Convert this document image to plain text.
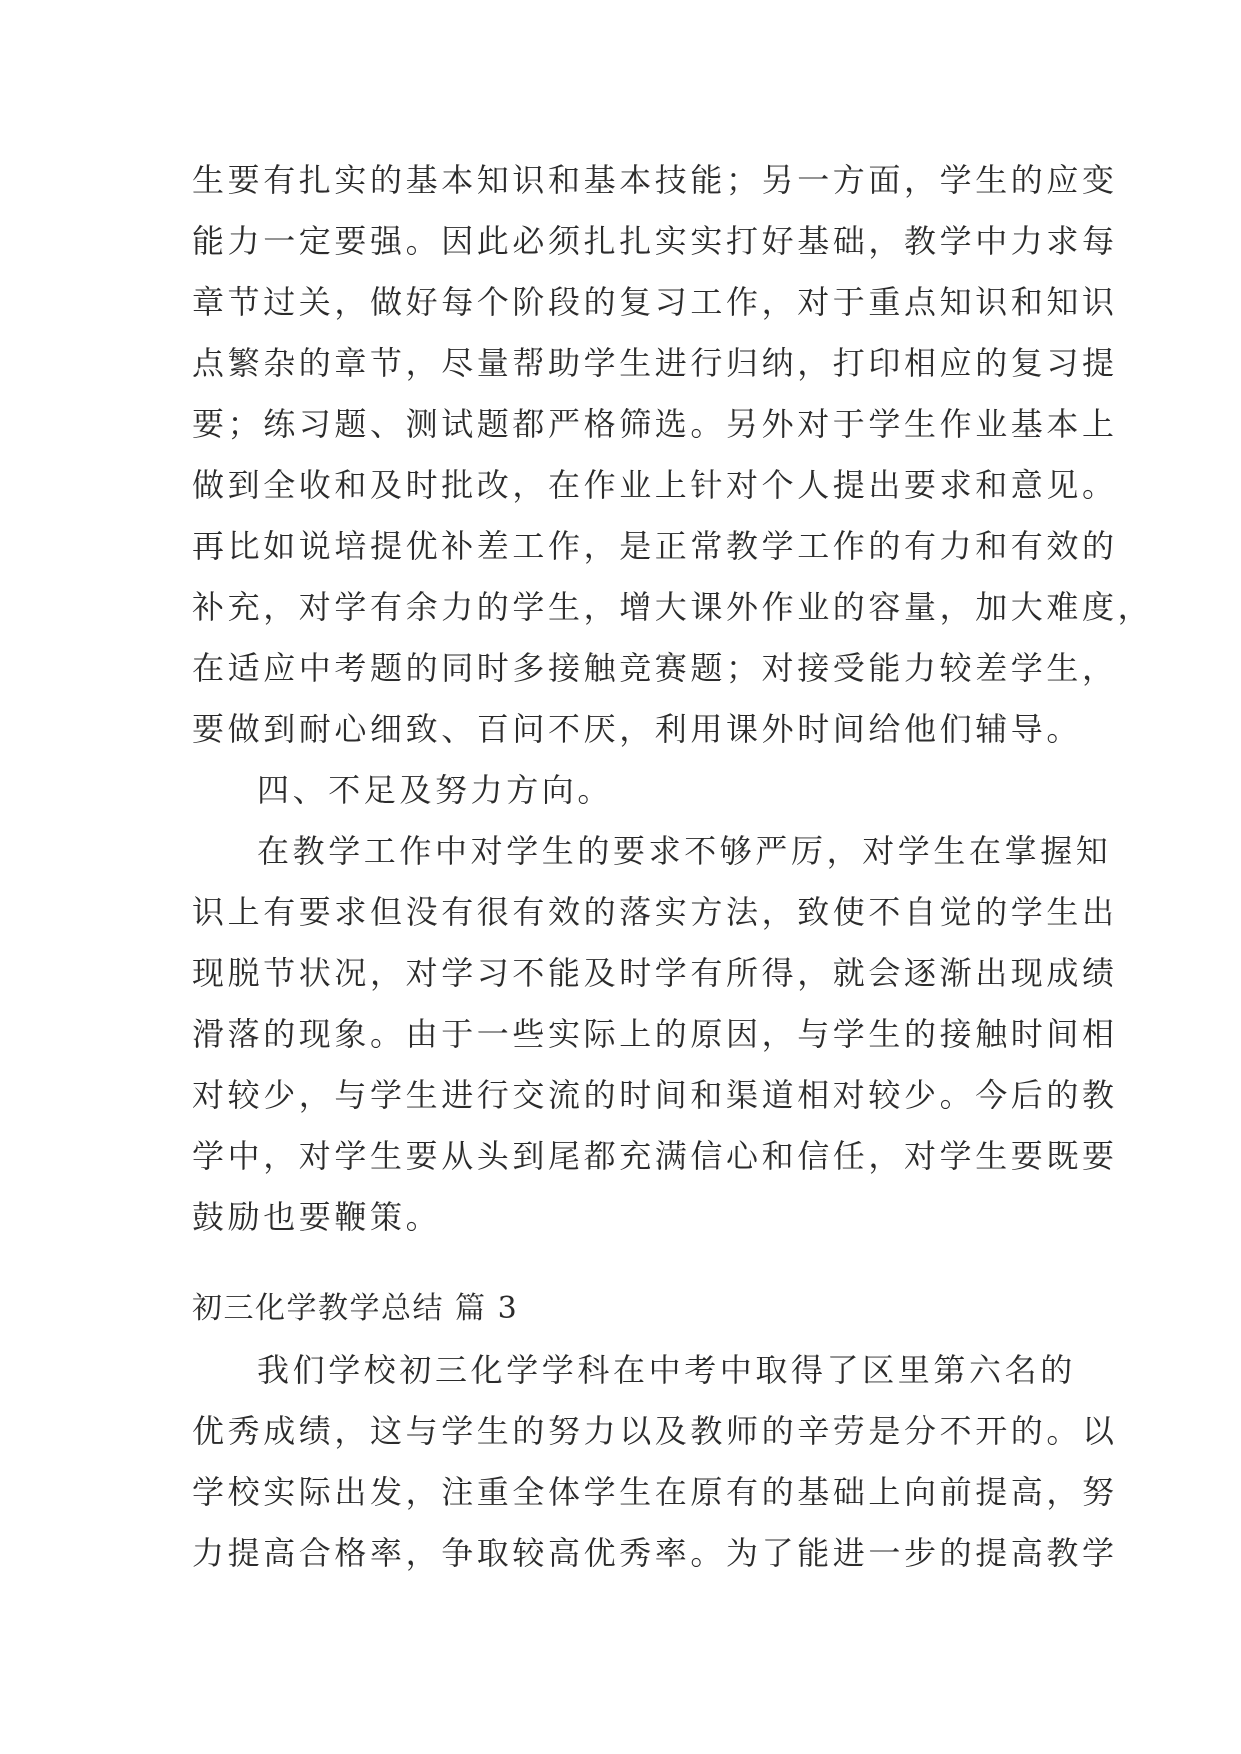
生要有扎实的基本知识和基本技能；另一方面，学生的应变
能力一定要强。因此必须扎扎实实打好基础，教学中力求每
章节过关，做好每个阶段的复习工作，对于重点知识和知识
点繁杂的章节，尽量帮助学生进行归纳，打印相应的复习提
要；练习题、测试题都严格筛选。另外对于学生作业基本上
做到全收和及时批改，在作业上针对个人提出要求和意见。
再比如说培提优补差工作，是正常教学工作的有力和有效的
补充，对学有余力的学生，增大课外作业的容量，加大难度，
在适应中考题的同时多接触竞赛题；对接受能力较差学生，
要做到耐心细致、百问不厌，利用课外时间给他们辅导。
四、不足及努力方向。
在教学工作中对学生的要求不够严厉，对学生在掌握知
识上有要求但没有很有效的落实方法，致使不自觉的学生出
现脱节状况，对学习不能及时学有所得，就会逐渐出现成绩
滑落的现象。由于一些实际上的原因，与学生的接触时间相
对较少，与学生进行交流的时间和渠道相对较少。今后的教
学中，对学生要从头到尾都充满信心和信任，对学生要既要
鼓励也要鞭策。
初三化学教学总结 篇 3
我们学校初三化学学科在中考中取得了区里第六名的
优秀成绩，这与学生的努力以及教师的辛劳是分不开的。以
学校实际出发，注重全体学生在原有的基础上向前提高，努
力提高合格率，争取较高优秀率。为了能进一步的提高教学
